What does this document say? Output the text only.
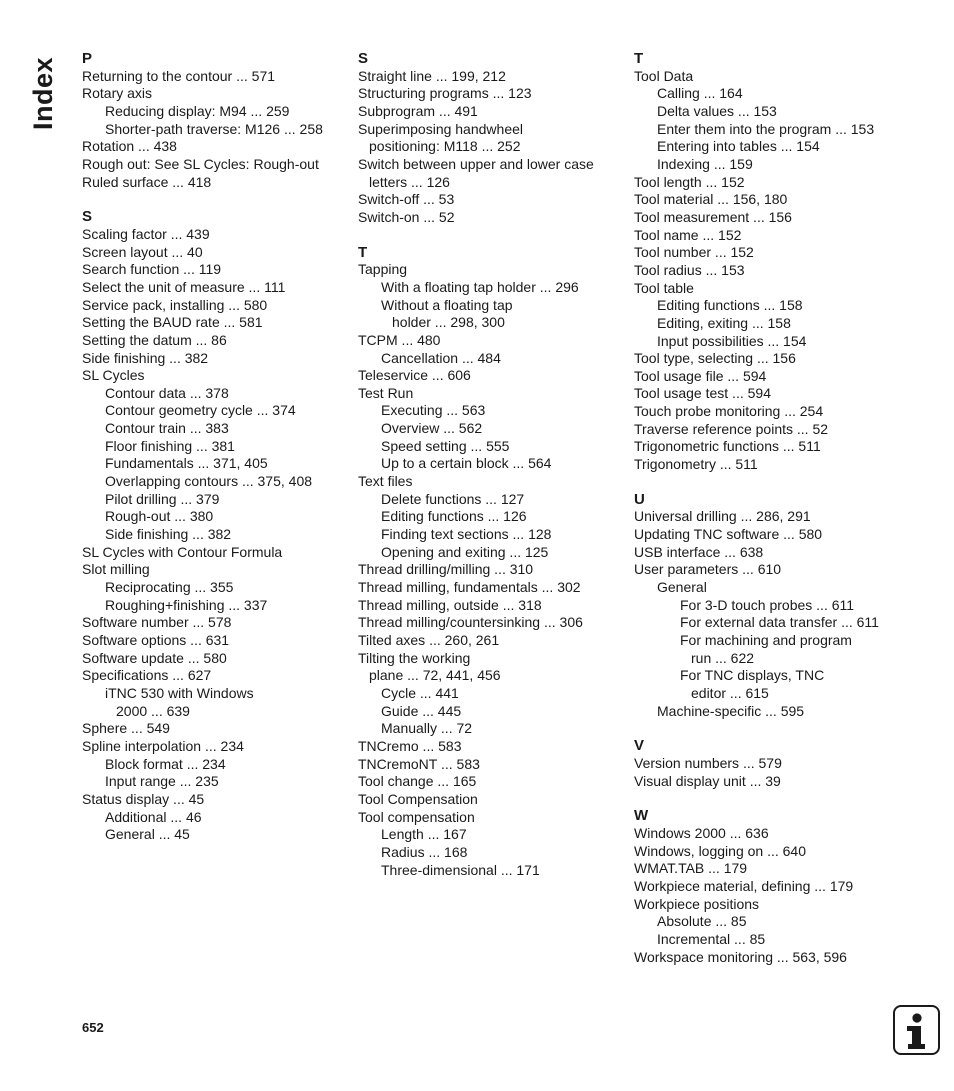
Index	P
Returning to the contour ... 571
Rotary axis
Reducing display: M94 ... 259
Shorter-path traverse: M126 ... 258
Rotation ... 438
Rough out: See SL Cycles: Rough-out
Ruled surface ... 418
S
Scaling factor ... 439
Screen layout ... 40
Search function ... 119
Select the unit of measure ... 111
Service pack, installing ... 580
Setting the BAUD rate ... 581
Setting the datum ... 86
Side finishing ... 382
SL Cycles
Contour data ... 378
Contour geometry cycle ... 374
Contour train ... 383
Floor finishing ... 381
Fundamentals ... 371, 405
Overlapping contours ... 375, 408
Pilot drilling ... 379
Rough-out ... 380
Side finishing ... 382
SL Cycles with Contour Formula
Slot milling
Reciprocating ... 355
Roughing+finishing ... 337
Software number ... 578
Software options ... 631
Software update ... 580
Specifications ... 627
iTNC 530 with Windows
2000 ... 639
Sphere ... 549
Spline interpolation ... 234
Block format ... 234
Input range ... 235
Status display ... 45
Additional ... 46
General ... 45
S
Straight line ... 199, 212
Structuring programs ... 123
Subprogram ... 491
Superimposing handwheel
positioning: M118 ... 252
Switch between upper and lower case
letters ... 126
Switch-off ... 53
Switch-on ... 52
T
Tapping
With a floating tap holder ... 296
Without a floating tap
holder ... 298, 300
TCPM ... 480
Cancellation ... 484
Teleservice ... 606
Test Run
Executing ... 563
Overview ... 562
Speed setting ... 555
Up to a certain block ... 564
Text files
Delete functions ... 127
Editing functions ... 126
Finding text sections ... 128
Opening and exiting ... 125
Thread drilling/milling ... 310
Thread milling, fundamentals ... 302
Thread milling, outside ... 318
Thread milling/countersinking ... 306
Tilted axes ... 260, 261
Tilting the working
plane ... 72, 441, 456
Cycle ... 441
Guide ... 445
Manually ... 72
TNCremo ... 583
TNCremoNT ... 583
Tool change ... 165
Tool Compensation
Tool compensation
Length ... 167
Radius ... 168
Three-dimensional ... 171
T
Tool Data
Calling ... 164
Delta values ... 153
Enter them into the program ... 153
Entering into tables ... 154
Indexing ... 159
Tool length ... 152
Tool material ... 156, 180
Tool measurement ... 156
Tool name ... 152
Tool number ... 152
Tool radius ... 153
Tool table
Editing functions ... 158
Editing, exiting ... 158
Input possibilities ... 154
Tool type, selecting ... 156
Tool usage file ... 594
Tool usage test ... 594
Touch probe monitoring ... 254
Traverse reference points ... 52
Trigonometric functions ... 511
Trigonometry ... 511
U
Universal drilling ... 286, 291
Updating TNC software ... 580
USB interface ... 638
User parameters ... 610
General
For 3-D touch probes ... 611
For external data transfer ... 611
For machining and program
run ... 622
For TNC displays, TNC
editor ... 615
Machine-specific ... 595
V
Version numbers ... 579
Visual display unit ... 39
W
Windows 2000 ... 636
Windows, logging on ... 640
WMAT.TAB ... 179
Workpiece material, defining ... 179
Workpiece positions
Absolute ... 85
Incremental ... 85
Workspace monitoring ... 563, 596
652
